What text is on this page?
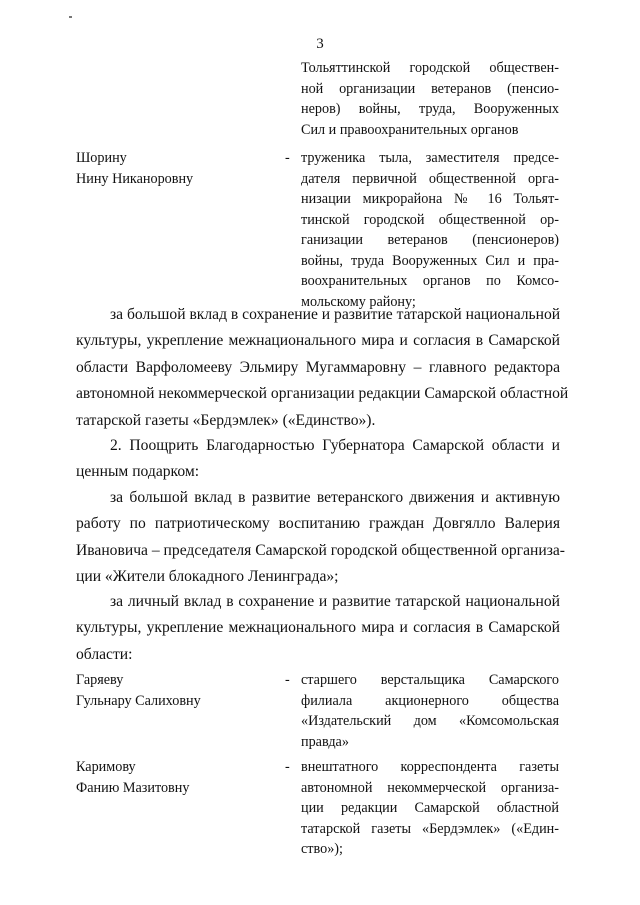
3
Тольяттинской городской обществен-
ной организации ветеранов (пенсио-
неров) войны, труда, Вооруженных
Сил и правоохранительных органов
Шорину
Нину Никаноровну
- труженика тыла, заместителя предсе-
дателя первичной общественной орга-
низации микрорайона № 16 Тольят-
тинской городской общественной ор-
ганизации ветеранов (пенсионеров)
войны, труда Вооруженных Сил и пра-
воохранительных органов по Комсо-
мольскому району;
за большой вклад в сохранение и развитие татарской национальной
культуры, укрепление межнационального мира и согласия в Самарской
области Варфоломееву Эльмиру Мугаммаровну – главного редактора
автономной некоммерческой организации редакции Самарской областной
татарской газеты «Бердэмлек» («Единство»).
2. Поощрить Благодарностью Губернатора Самарской области и
ценным подарком:
за большой вклад в развитие ветеранского движения и активную
работу по патриотическому воспитанию граждан Довгялло Валерия
Ивановича – председателя Самарской городской общественной организа-
ции «Жители блокадного Ленинграда»;
за личный вклад в сохранение и развитие татарской национальной
культуры, укрепление межнационального мира и согласия в Самарской
области:
Гаряеву
Гульнару Салиховну
- старшего верстальщика Самарского
филиала акционерного общества
«Издательский дом «Комсомольская
правда»
Каримову
Фанию Мазитовну
- внештатного корреспондента газеты
автономной некоммерческой организа-
ции редакции Самарской областной
татарской газеты «Бердэмлек» («Един-
ство»);
